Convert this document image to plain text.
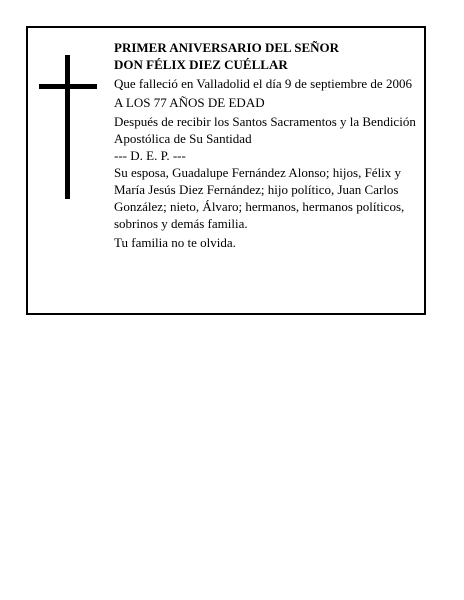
PRIMER ANIVERSARIO DEL SEÑOR

DON FÉLIX DIEZ CUÉLLAR

Que falleció en Valladolid el día 9 de septiembre de 2006

A LOS 77 AÑOS DE EDAD

Después de recibir los Santos Sacramentos y la Bendición Apostólica de Su Santidad

--- D. E. P. ---

Su esposa, Guadalupe Fernández Alonso; hijos, Félix y María Jesús Diez Fernández; hijo político, Juan Carlos González; nieto, Álvaro; hermanos, hermanos políticos, sobrinos y demás familia.

Tu familia no te olvida.
